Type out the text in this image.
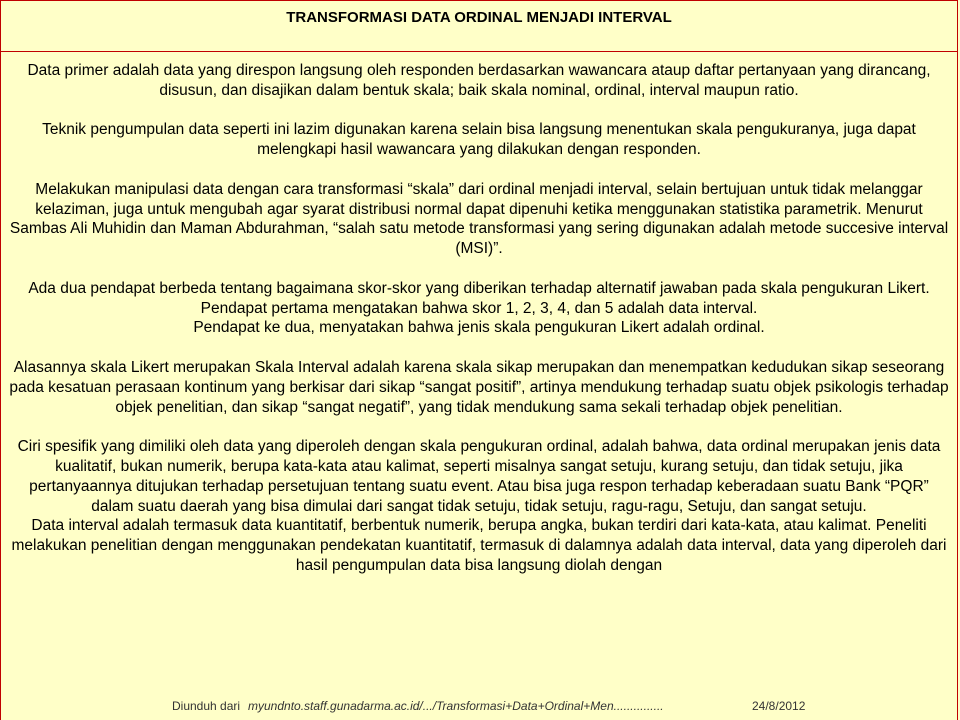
TRANSFORMASI DATA ORDINAL MENJADI INTERVAL

Data primer adalah data yang direspon langsung oleh responden berdasarkan wawancara ataup daftar pertanyaan yang dirancang, disusun, dan disajikan dalam bentuk skala; baik skala nominal, ordinal, interval maupun ratio.

Teknik pengumpulan data seperti ini lazim digunakan karena selain bisa langsung menentukan skala pengukuranya, juga dapat melengkapi hasil wawancara yang dilakukan dengan responden.

Melakukan manipulasi data dengan cara transformasi “skala” dari ordinal menjadi interval, selain bertujuan untuk tidak melanggar kelaziman, juga untuk mengubah agar syarat distribusi normal dapat dipenuhi ketika menggunakan statistika parametrik. Menurut Sambas Ali Muhidin dan Maman Abdurahman, “salah satu metode transformasi yang sering digunakan adalah metode succesive interval (MSI)”.

Ada dua pendapat berbeda tentang bagaimana skor-skor yang diberikan terhadap alternatif jawaban pada skala pengukuran Likert.

Pendapat pertama mengatakan bahwa skor 1, 2, 3, 4, dan 5 adalah data interval.

Pendapat ke dua, menyatakan bahwa jenis skala pengukuran Likert adalah ordinal.

Alasannya skala Likert merupakan Skala Interval adalah karena skala sikap merupakan dan menempatkan kedudukan sikap seseorang pada kesatuan perasaan kontinum yang berkisar dari sikap “sangat positif”, artinya mendukung terhadap suatu objek psikologis terhadap objek penelitian, dan sikap “sangat negatif”, yang tidak mendukung sama sekali terhadap objek penelitian.

Ciri spesifik yang dimiliki oleh data yang diperoleh dengan skala pengukuran ordinal, adalah bahwa, data ordinal merupakan jenis data kualitatif, bukan numerik, berupa kata-kata atau kalimat, seperti misalnya sangat setuju, kurang setuju, dan tidak setuju, jika pertanyaannya ditujukan terhadap persetujuan tentang suatu event. Atau bisa juga respon terhadap keberadaan suatu Bank “PQR” dalam suatu daerah yang bisa dimulai dari sangat tidak setuju, tidak setuju, ragu-ragu, Setuju, dan sangat setuju.

Data interval adalah termasuk data kuantitatif, berbentuk numerik, berupa angka, bukan terdiri dari kata-kata, atau kalimat. Peneliti melakukan penelitian dengan menggunakan pendekatan kuantitatif, termasuk di dalamnya adalah data interval, data yang diperoleh dari hasil pengumpulan data bisa langsung diolah dengan

Diunduh dari myundnto.staff.gunadarma.ac.id/.../Transformasi+Data+Ordinal+Men...............	24/8/2012
